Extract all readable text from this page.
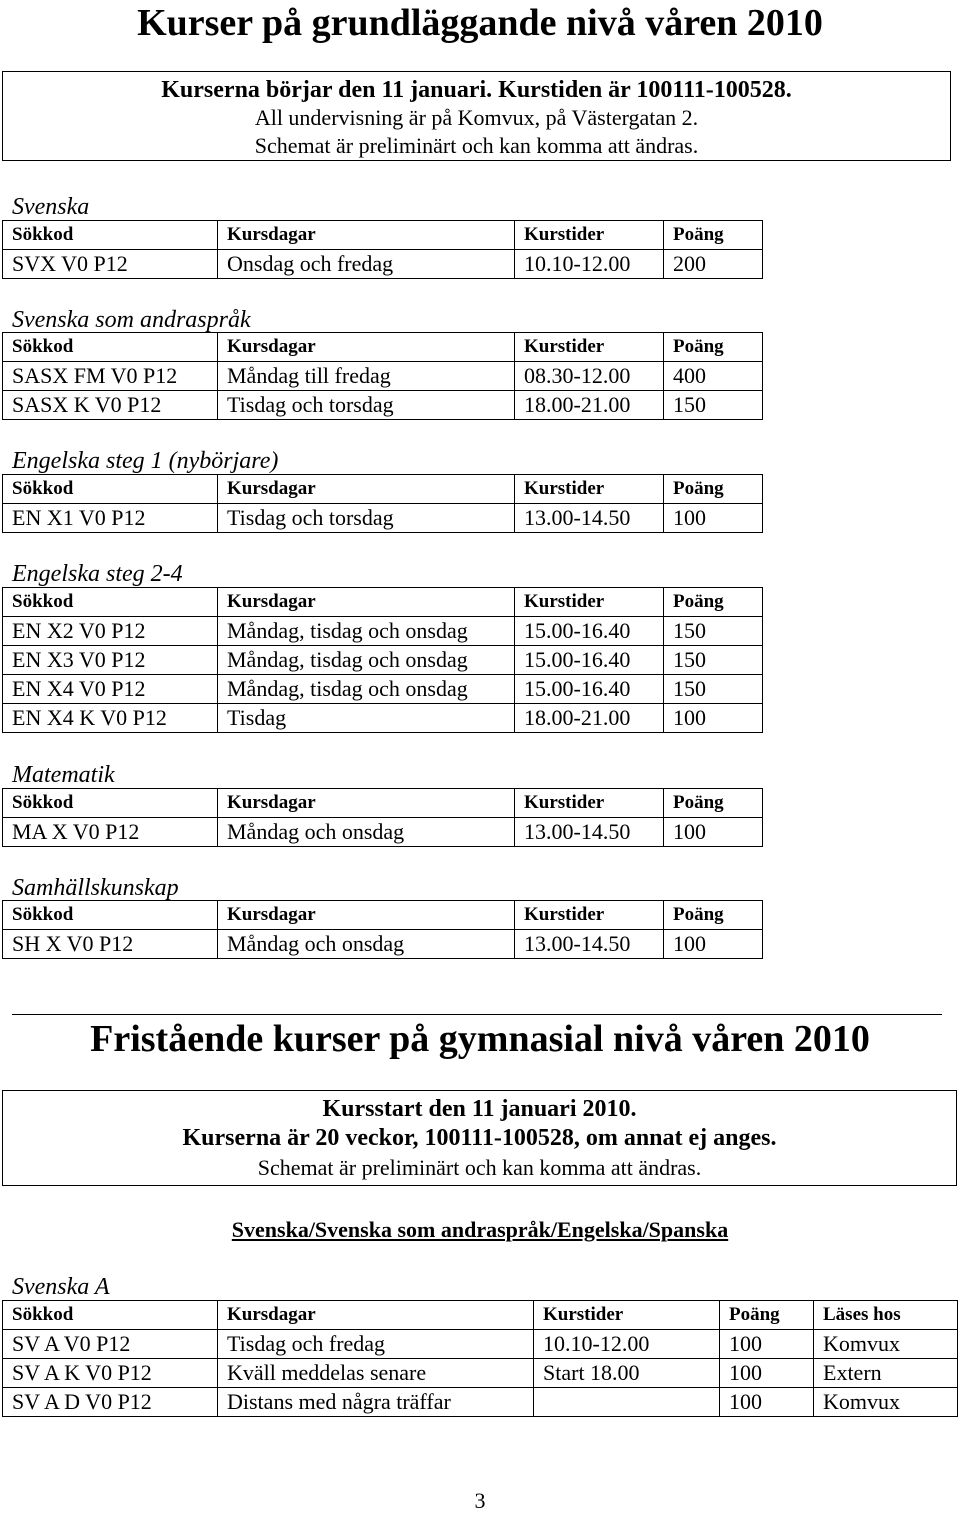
Kurser på grundläggande nivå våren 2010
Kurserna börjar den 11 januari. Kurstiden är 100111-100528.
All undervisning är på Komvux, på Västergatan 2.
Schemat är preliminärt och kan komma att ändras.
Svenska
Sökkod	Kursdagar	Kurstider	Poäng
SVX V0 P12	Onsdag och fredag	10.10-12.00	200
Svenska som andraspråk
Sökkod	Kursdagar	Kurstider	Poäng
SASX FM V0 P12	Måndag till fredag	08.30-12.00	400
SASX K V0 P12	Tisdag och torsdag	18.00-21.00	150
Engelska steg 1 (nybörjare)
Sökkod	Kursdagar	Kurstider	Poäng
EN X1 V0 P12	Tisdag och torsdag	13.00-14.50	100
Engelska steg 2-4
Sökkod	Kursdagar	Kurstider	Poäng
EN X2 V0 P12	Måndag, tisdag och onsdag	15.00-16.40	150
EN X3 V0 P12	Måndag, tisdag och onsdag	15.00-16.40	150
EN X4 V0 P12	Måndag, tisdag och onsdag	15.00-16.40	150
EN X4 K V0 P12	Tisdag	18.00-21.00	100
Matematik
Sökkod	Kursdagar	Kurstider	Poäng
MA X V0 P12	Måndag och onsdag	13.00-14.50	100
Samhällskunskap
Sökkod	Kursdagar	Kurstider	Poäng
SH X V0 P12	Måndag och onsdag	13.00-14.50	100
Fristående kurser på gymnasial nivå våren 2010
Kursstart den 11 januari 2010.
Kurserna är 20 veckor, 100111-100528, om annat ej anges.
Schemat är preliminärt och kan komma att ändras.
Svenska/Svenska som andraspråk/Engelska/Spanska
Svenska A
Sökkod	Kursdagar	Kurstider	Poäng	Läses hos
SV A V0 P12	Tisdag och fredag	10.10-12.00	100	Komvux
SV A K V0 P12	Kväll meddelas senare	Start 18.00	100	Extern
SV A D V0 P12	Distans med några träffar		100	Komvux
3
